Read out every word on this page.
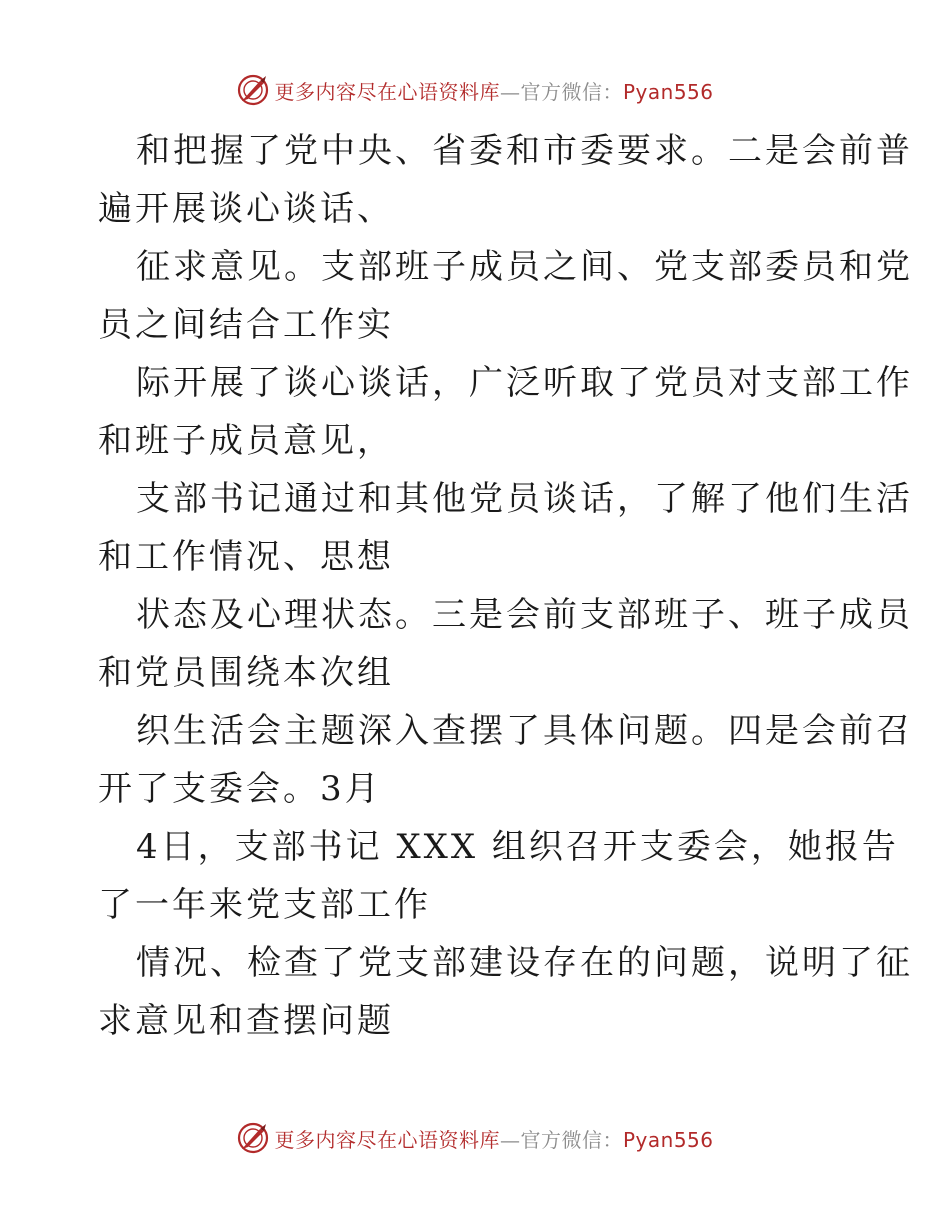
更多内容尽在心语资料库—官方微信：Pyan556
和把握了党中央、省委和市委要求。二是会前普
遍开展谈心谈话、
征求意见。支部班子成员之间、党支部委员和党
员之间结合工作实
际开展了谈心谈话，广泛听取了党员对支部工作
和班子成员意见，
支部书记通过和其他党员谈话，了解了他们生活
和工作情况、思想
状态及心理状态。三是会前支部班子、班子成员
和党员围绕本次组
织生活会主题深入查摆了具体问题。四是会前召
开了支委会。3月
4日，支部书记 XXX 组织召开支委会，她报告
了一年来党支部工作
情况、检查了党支部建设存在的问题，说明了征
求意见和查摆问题
更多内容尽在心语资料库—官方微信：Pyan556
